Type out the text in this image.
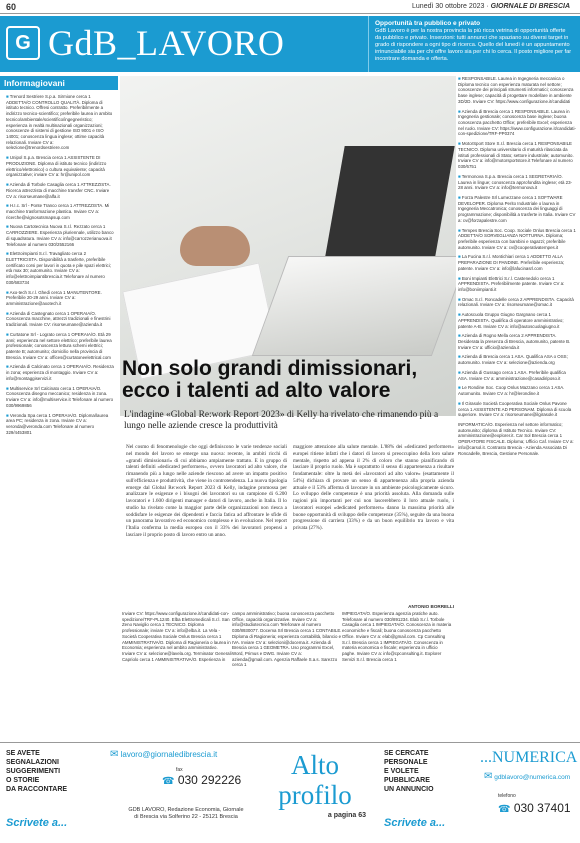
60	Lunedì 30 ottobre 2023 · GIORNALE DI BRESCIA
G GdB_LAVORO	Opportunità tra pubblico e privato
GdB Lavoro è per la nostra provincia la più ricca vetrina di opportunità offerte da pubblico e privato. Inserzioni: tutti annunci che spaziano su diversi target in grado di rispondere a ogni tipo di ricerca. Quello del lunedì è un appuntamento irrinunciabile sia per chi offre lavoro sia per chi lo cerca. Il posto migliore per far incontrare domanda e offerta.
Informagiovani

■ Trenord Sestriere S.p.a. Sirmione cerca 1 ADDETTA/O CONTROLLO QUALITÀ. Diploma di istituto tecnico. Offresi contratto. Preferibilmente a indirizzo tecnico-scientifico; preferibile laurea in ambito tecnico/ambientale/scientifico/ingegneristico; esperienza in realtà multinazionali organizzazioni; conoscenze di sistemi di gestione ISO 9001 e ISO 14001; conoscenza lingua inglese; ottime capacità relazionali. Inviare CV a: selezione@trenordsestriere.com

■ Unipol S.p.a. Brescia cerca 1 ASSISTENTE DI PRODUZIONE. Diploma di istituto tecnico (indirizzo elettrico/elettronico) o cultura equivalente; capacità organizzative; inviare CV a: hr@unipol.com

■ Azienda di Torbole Casaglia cerca 1 ATTREZZISTA. Ricerca attrezzista di macchine transfer CNC. Inviare CV a: risorseumane@alfa.it

■ H.I.c. Srl - Ponte Tranco cerca 1 ATTREZZISTA. Mi macchine trasformazione plastica. Inviare CV a: ricerche@vignosotsmapsup.com

■ Nuova Cartotecnica Nuova S.r.l. Rezzato cerca 1 CARROZZIERE. Esperienza pluriennale, utilizzo banco di squadratura. Inviare CV a: info@carrozzerianuova.it Telefonare al numero 030/2552166

■ Elettroimpianti S.r.l. Travagliato cerca 2 ELETTRICISTA. Disponibilità a trasferte, preferibile certificato corsi per lavori in quota e pile spazi elettrici; età max 30; automunito. Inviare CV a: info@elettroimpiantibrescia.it Telefonare al numero 030/683734

■ Axo-tech S.r.l. Ghedi cerca 1 MANUTENTORE. Preferibile 20-29 anni. Inviare CV a: amministrazione@axotech.it

■ Azienda di Castegnato cerca 1 OPERAIA/O. Conoscenza macchine, attrezzi tradizionali e finestrini tradizionali. Inviare CV: risorseumane@azienda.it

■ Curtatone Srl - Lograto cerca 1 OPERAIA/O. Età 29 anni; esperienza nel settore elettrico; preferibile laurea professionale; conoscenza lettura schemi elettrici; patente B; automunito; domicilio nella provincia di Brescia. Inviare CV a: offices@curtatoneelettrical.com

■ Azienda di Calcinato cerca 1 OPERAIA/O. Residenza in zona; esperienza di montaggio. Inviare CV a: info@montaggiservizi.it

■ Multiservice Srl Calcinato cerca 1 OPERAIA/O. Conoscenza disegno meccanico; residenza in zona. Inviare CV a: info@multiservice.it Telefonare al numero 030/9969856

■ Veronda Spa cerca 1 OPERAIA/O. Diploma/laurea area PC; residenza in zona. Inviare CV a: veronda@veronda.com Telefonare al numero 329/4453801

Non solo grandi dimissionari, ecco i talenti ad alto valore
L'indagine «Global Re:work Report 2023» di Kelly ha rivelato che rimanendo più a lungo nelle aziende cresce la produttività
Nel cosmo di fenomenologie che oggi definiscono le varie tendenze sociali nel mondo del lavoro se emerge una nuova: recente, in ambiti ricchi di «grandi dimissionari» di cui abbiamo ampiamente trattato. E in gruppo di talenti definiti «dedicated performers», ovvero lavoratori ad alto valore, che rimanendo più a lungo nelle aziende riescono ad avere un impatto positivo sull'efficienza e produttività, che viene in controtendenza. La nuova tipologia emerge dal Global Re:work Report 2023 di Kelly, indagine promossa per analizzare le esigenze e i bisogni dei lavoratori su un campione di 6.200 lavoratori e 1.600 dirigenti manager e datori di lavoro, anche in Italia. Il lo studio ha rivelato come la maggior parte delle organizzazioni non riesca a soddisfare le esigenze dei dipendenti e faccia fatica ad affrontare le sfide di un panorama lavorativo ed economico complesso e in evoluzione. Nel report l'Italia conferma la media europea con il 33% dei lavoratori propensi a lasciare il proprio posto di lavoro entro un anno.
maggiore attenzione alla salute mentale. L'88% dei «dedicated performers» europei ritiene infatti che i datori di lavoro si preoccupino della loro salute mentale, rispetto ad appena il 2% di coloro che stanno pianificando di lasciare il proprio ruolo. Ma è soprattutto il senso di appartenenza a risultare fondamentale: oltre la metà dei «lavoratori ad alto valore» (esattamente il 54%) dichiara di provare un senso di appartenenza alla propria azienda attuale e il 53% afferma di lavorare in un ambiente psicologicamente sicuro. Lo sviluppo delle competenze è una priorità assoluta. Alla domanda sulle ragioni più importanti per cui non lascerebbero il loro attuale ruolo, i lavoratori europei «dedicated performers» danno la massima priorità alle buone opportunità di sviluppo delle competenze (35%), seguite da una buona progressione di carriera (33%) e da un buon equilibrio tra lavoro e vita privata (27%).
ANTONIO BORRELLI
Inviare CV: https://www.configurazione.it/candidati-con-spedizione/TRF-PL1240. Elba Elettromedicali S.r.l. San Zeno Naviglio cerca 1 TECNICO. Diploma professionale; inviare CV a: info@elba.it. La Vela - Società Cooperativa Sociale Onlus Brescia cerca 1 AMMINISTRATIVA/O. Diploma di Ragioneria o laurea in Economia; esperienza nel ambito amministrativo. Inviare CV a: selezione@lavela.org. Terminator Generali Capriolo cerca 1 AMMINISTRATIVA/O. Esperienza in
campo amministrativo; buona conoscenza pacchetto Office, capacità organizzative. Inviare CV a: info@studiotecnico.com Telefonare al numero 030/8930077. Docema Srl Brescia cerca 1 CONTABILE. Diploma di Ragioneria; esperienza contabilità, bilancio e IVA. Inviare CV a: selezioni@docema.it. Azienda di Brescia cerca 1 GEOMETRA. Uso programmi Excel, Word, Primus e DWG. Inviare CV a: azienda@gmail.com. Agenzia Raffaele S.a.s. Sarezzo cerca 1
IMPIEGATA/O. Esperienza agenzia pratiche auto. Telefonare al numero 030/891234. Elab S.r.l. Torbole Casaglia cerca 1 IMPIEGATA/O. Conoscenza in materia economiche e fiscali; buona conoscenza pacchetto Office. Inviare CV a: elab@gmail.com. Cp Consulting S.r.l. Brescia cerca 1 IMPIEGATA/O. Conoscenza in materia economica e fiscale; esperienza in ufficio paghe. Inviare CV a: info@cpconsulting.it. Explorer Servizi S.r.l. Brescia cerca 1

■ RESPONSABILE. Laurea in Ingegneria meccanica o Diploma tecnico con esperienza maturata nel settore; conoscenze dei principali strumenti informatici; conoscenza base inglese; capacità di progettare modellare in ambiente 3D/2D. Inviare CV: https://www.configurazione.it/candidati

■ Azienda di Brescia cerca 1 RESPONSABILE. Laurea in Ingegneria gestionale; conoscenza base inglese; buona conoscenza pacchetto Office; preferibile Excel; esperienza nel ruolo. Inviare CV: https://www.configurazione.it/candidati-con-spedizione/TRF-PP0374

■ MotorSport Store S.r.l. Brescia cerca 1 RESPONSABILE TECNICO. Diploma universitario di maturità rilasciata da istituti professionali di Stato; settore industriale; automunito. Inviare CV a: info@motorsportstore.it Telefonare al numero 030/6751

■ Termonova S.p.a. Brescia cerca 1 SEGRETARIA/O. Laurea in lingue; conoscenza approfondita inglese; età 23-28 anni. Inviare CV a: info@termonova.it

■ Forza Palestre Srl Lumezzane cerca 1 SOFTWARE DEVELOPER. Diploma Perito Industriale o laurea in Ingegneria Meccatronica; conoscenza dei linguaggi di programmazione; disponibilità a trasferte in Italia. Inviare CV a: cv@forzapalestre.com

■ Tempes Brescia Soc. Coop. Sociale Onlus Brescia cerca 1 ADDETTA/O SORVEGLIANZA NOTTURNA. Diploma; preferibile esperienza con bambini e ragazzi; preferibile automunito. Inviare CV a: cv@cooperativatempes.it

■ La Fucina S.r.l. Montichiari cerca 1 ADDETTO ALLA PREPARAZIONE DI PANDINE. Preferibile esperienza; patente. Inviare CV a: info@lafucinasrl.com

■ Boni Impianti Elettrici S.r.l. Castenedolo cerca 1 APPRENDISTA. Preferibilmente patente. Inviare CV a: info@boniimpianti.it

■ Omac S.r.l. Roncadelle cerca 2 APPRENDISTA. Capacità relazionali. Inviare CV a: risorseumane@omac.it

■ Autoscuola Gruppo Giugno Gargnano cerca 1 APPRENDISTA. Qualifica di operatore amministrativo; patente A-B. Inviare CV a: info@autoscuolagiugno.it

■ Azienda di Rogno Mella cerca 2 APPRENDISTA. Desiderata la presenza di Brescia, automunito, patente B. Inviare CV a: ufficio@azienda.it

■ Azienda di Brescia cerca 1 ASA. Qualifica ASA o OSS; automunito. Inviare CV a: selezione@azienda.org

■ Azienda di Gussago cerca 1 ASA. Preferibile qualifica ASA. Inviare CV a: amministrazione@casadiriposo.it

■ Le Rondine Soc. Coop Onlus Mazzano cerca 1 ASA. Automunito. Inviare CV a: hr@lerondine.it

■ Il Girasole Società Cooperativa Sociale Onlus Pavone cerca 1 ASSISTENTE AD PERSONAM. Diploma di scuola superiore. Inviare CV a: risorseumane@ilgirasole.it

INFORMATICA/O. Esperienza nel settore informatico; automunito; diploma di Istituto Tecnico. Inviare CV: amministrazione@explorer.it. Car Sol Brescia cerca 1 OPERATORE FISCALE. Diploma; Ufficio Caf. Inviare CV a: info@carsol.it. Contrasto Brescia - Azienda Associata Di Roncadelle, Brescia, Gestione Personale.

SE AVETE
SEGNALAZIONI
SUGGERIMENTI
O STORIE
DA RACCONTARE
Scrivete a...
✉ lavoro@giornaledibrescia.it
fax
☎ 030 292226
GDB LAVORO, Redazione Economia, Giornale di Brescia via Solferino 22 - 25121 Brescia
Alto
profilo
a pagina 63
SE CERCATE
PERSONALE
E VOLETE
PUBBLICARE
UN ANNUNCIO
Scrivete a...
...NUMERICA
✉ gdblavoro@numerica.com
telefono
☎ 030 37401
